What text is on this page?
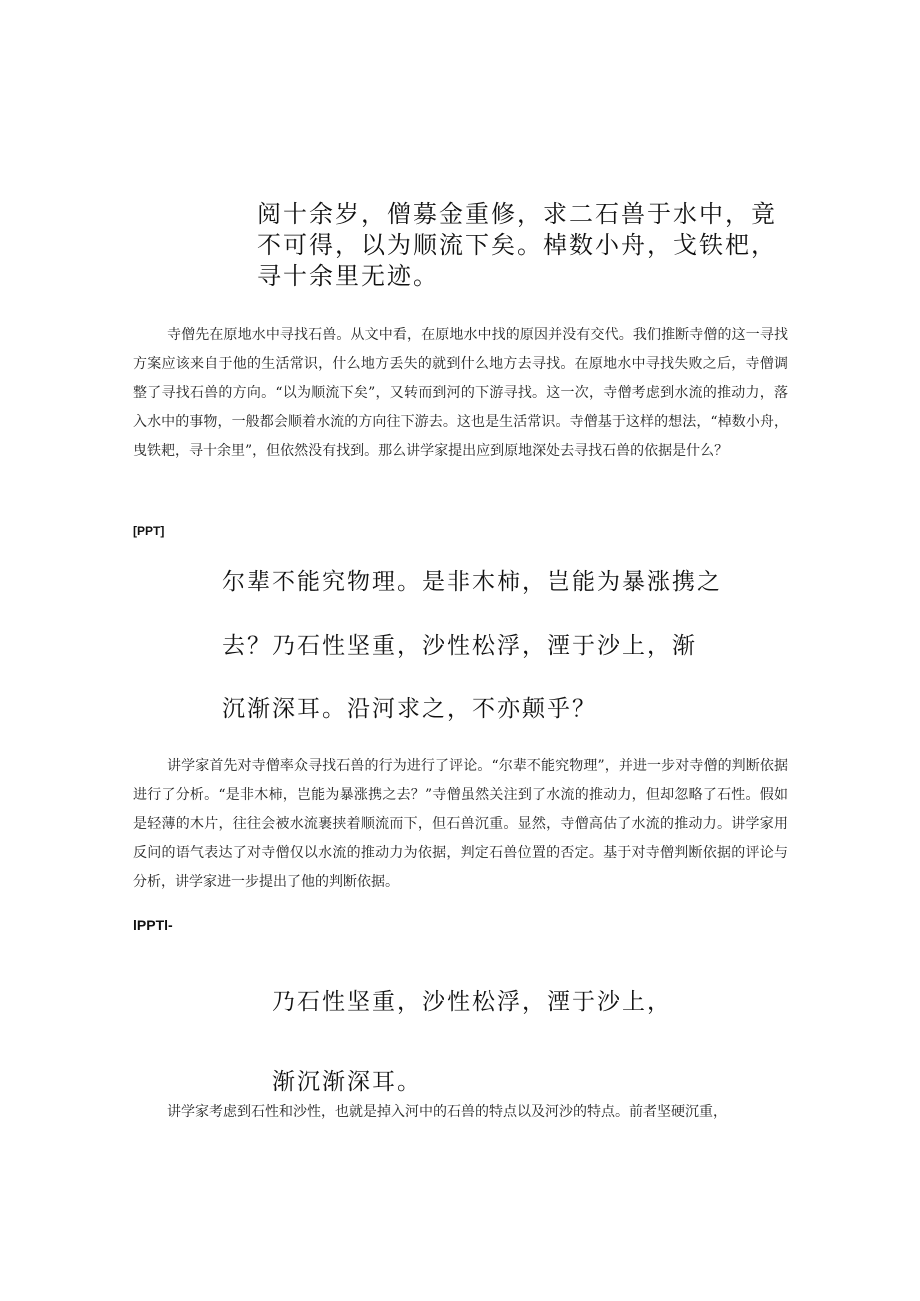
阅十余岁，僧募金重修，求二石兽于水中，竟不可得，以为顺流下矣。棹数小舟，戈铁杷，寻十余里无迹。
寺僧先在原地水中寻找石兽。从文中看，在原地水中找的原因并没有交代。我们推断寺僧的这一寻找方案应该来自于他的生活常识，什么地方丢失的就到什么地方去寻找。在原地水中寻找失败之后，寺僧调整了寻找石兽的方向。“以为顺流下矣”，又转而到河的下游寻找。这一次，寺僧考虑到水流的推动力，落入水中的事物，一般都会顺着水流的方向往下游去。这也是生活常识。寺僧基于这样的想法，“棹数小舟，曳铁耙，寻十余里”，但依然没有找到。那么讲学家提出应到原地深处去寻找石兽的依据是什么？
[PPT]
尔辈不能究物理。是非木柿，岂能为暴涨携之
去？乃石性坚重，沙性松浮，湮于沙上，渐
沉渐深耳。沿河求之，不亦颠乎？
讲学家首先对寺僧率众寻找石兽的行为进行了评论。“尔辈不能究物理”，并进一步对寺僧的判断依据进行了分析。“是非木柿，岂能为暴涨携之去？”寺僧虽然关注到了水流的推动力，但却忽略了石性。假如是轻薄的木片，往往会被水流裹挟着顺流而下，但石兽沉重。显然，寺僧高估了水流的推动力。讲学家用反问的语气表达了对寺僧仅以水流的推动力为依据，判定石兽位置的否定。基于对寺僧判断依据的评论与分析，讲学家进一步提出了他的判断依据。
lPPTl-
乃石性坚重，沙性松浮，湮于沙上，
渐沉渐深耳。
讲学家考虑到石性和沙性，也就是掉入河中的石兽的特点以及河沙的特点。前者坚硬沉重，
